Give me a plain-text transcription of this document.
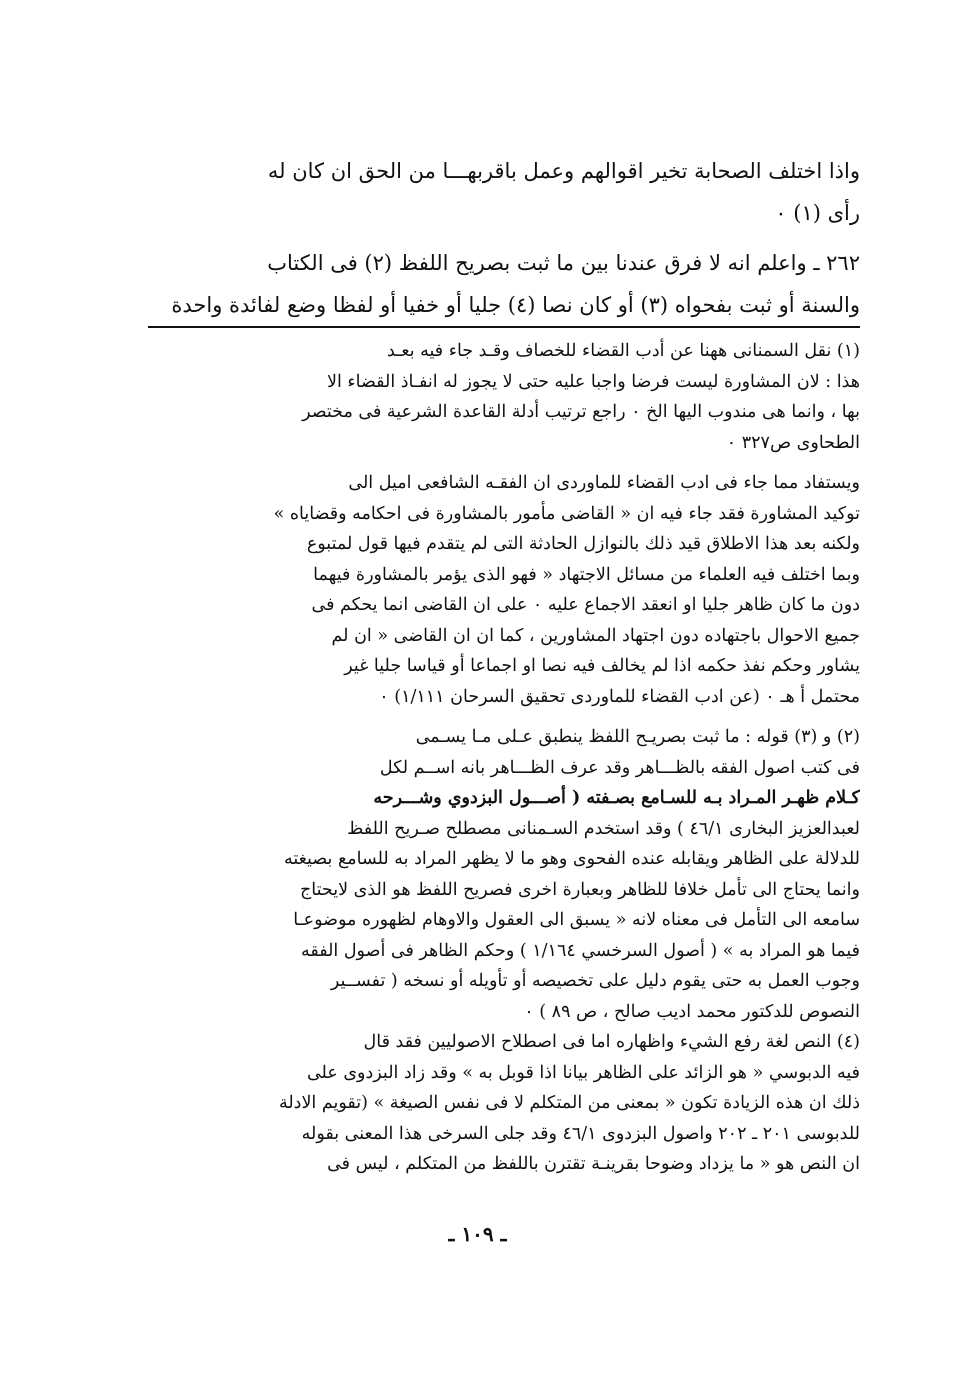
واذا اختلف الصحابة تخير اقوالهم وعمل باقربهـــا من الحق ان كان له
رأى (١) ٠
٢٦٢ ـ واعلم انه لا فرق عندنا بين ما ثبت بصريح اللفظ (٢) فى الكتاب
والسنة أو ثبت بفحواه (٣) أو كان نصا (٤) جليا أو خفيا أو لفظا وضع لفائدة واحدة
(١) نقل السمنانى ههنا عن أدب القضاء للخصاف وقـد جاء فيه بعـد
هذا : لان المشاورة ليست فرضا واجبا عليه حتى لا يجوز له انفـاذ القضاء الا
بها ، وانما هى مندوب اليها الخ ٠ راجع ترتيب أدلة القاعدة الشرعية فى مختصر
الطحاوى ص٣٢٧ ٠
ويستفاد مما جاء فى ادب القضاء للماوردى ان الفقـه الشافعى اميل الى
توكيد المشاورة فقد جاء فيه ان « القاضى مأمور بالمشاورة فى احكامه وقضاياه »
ولكنه بعد هذا الاطلاق قيد ذلك بالنوازل الحادثة التى لم يتقدم فيها قول لمتبوع
وبما اختلف فيه العلماء من مسائل الاجتهاد « فهو الذى يؤمر بالمشاورة فيهما
دون ما كان ظاهر جليا او انعقد الاجماع عليه ٠ على ان القاضى انما يحكم فى
جميع الاحوال باجتهاده دون اجتهاد المشاورين ، كما ان ان القاضى « ان لم
يشاور وحكم نفذ حكمه اذا لم يخالف فيه نصا او اجماعا أو قياسا جليا غير
محتمل أ هـ ٠ (عن ادب القضاء للماوردى تحقيق السرحان ١/١١١) ٠
(٢) و (٣) قوله : ما ثبت بصريـح اللفظ ينطبق عـلى مـا يسـمى
فى كتب اصول الفقه بالظـــاهر وقد عرف الظـــاهر بانه اســم لكل
كـلام ظهـر المـراد بـه للسـامع بصـفته ( أصـــول البزدوي وشـــرحه
لعبدالعزيز البخارى ٤٦/١ ) وقد استخدم السـمنانى مصطلح صـريح اللفظ
للدلالة على الظاهر ويقابله عنده الفحوى وهو ما لا يظهر المراد به للسامع بصيغته
وانما يحتاج الى تأمل خلافا للظاهر وبعبارة اخرى فصريح اللفظ هو الذى لايحتاج
سامعه الى التأمل فى معناه لانه « يسبق الى العقول والاوهام لظهوره موضوعـا
فيما هو المراد به » ( أصول السرخسي ١/١٦٤ ) وحكم الظاهر فى أصول الفقه
وجوب العمل به حتى يقوم دليل على تخصيصه أو تأويله أو نسخه ( تفســير
النصوص للدكتور محمد اديب صالح ، ص ٨٩ ) ٠
(٤) النص لغة رفع الشيء واظهاره اما فى اصطلاح الاصوليين فقد قال
فيه الدبوسي « هو الزائد على الظاهر بيانا اذا قوبل به » وقد زاد البزدوى على
ذلك ان هذه الزيادة تكون « بمعنى من المتكلم لا فى نفس الصيغة » (تقويم الادلة
للدبوسى ٢٠١ ـ ٢٠٢ واصول البزدوى ٤٦/١ وقد جلى السرخى هذا المعنى بقوله
ان النص هو « ما يزداد وضوحا بقرينـة تقترن باللفظ من المتكلم ، ليس فى
ـ ١٠٩ ـ
